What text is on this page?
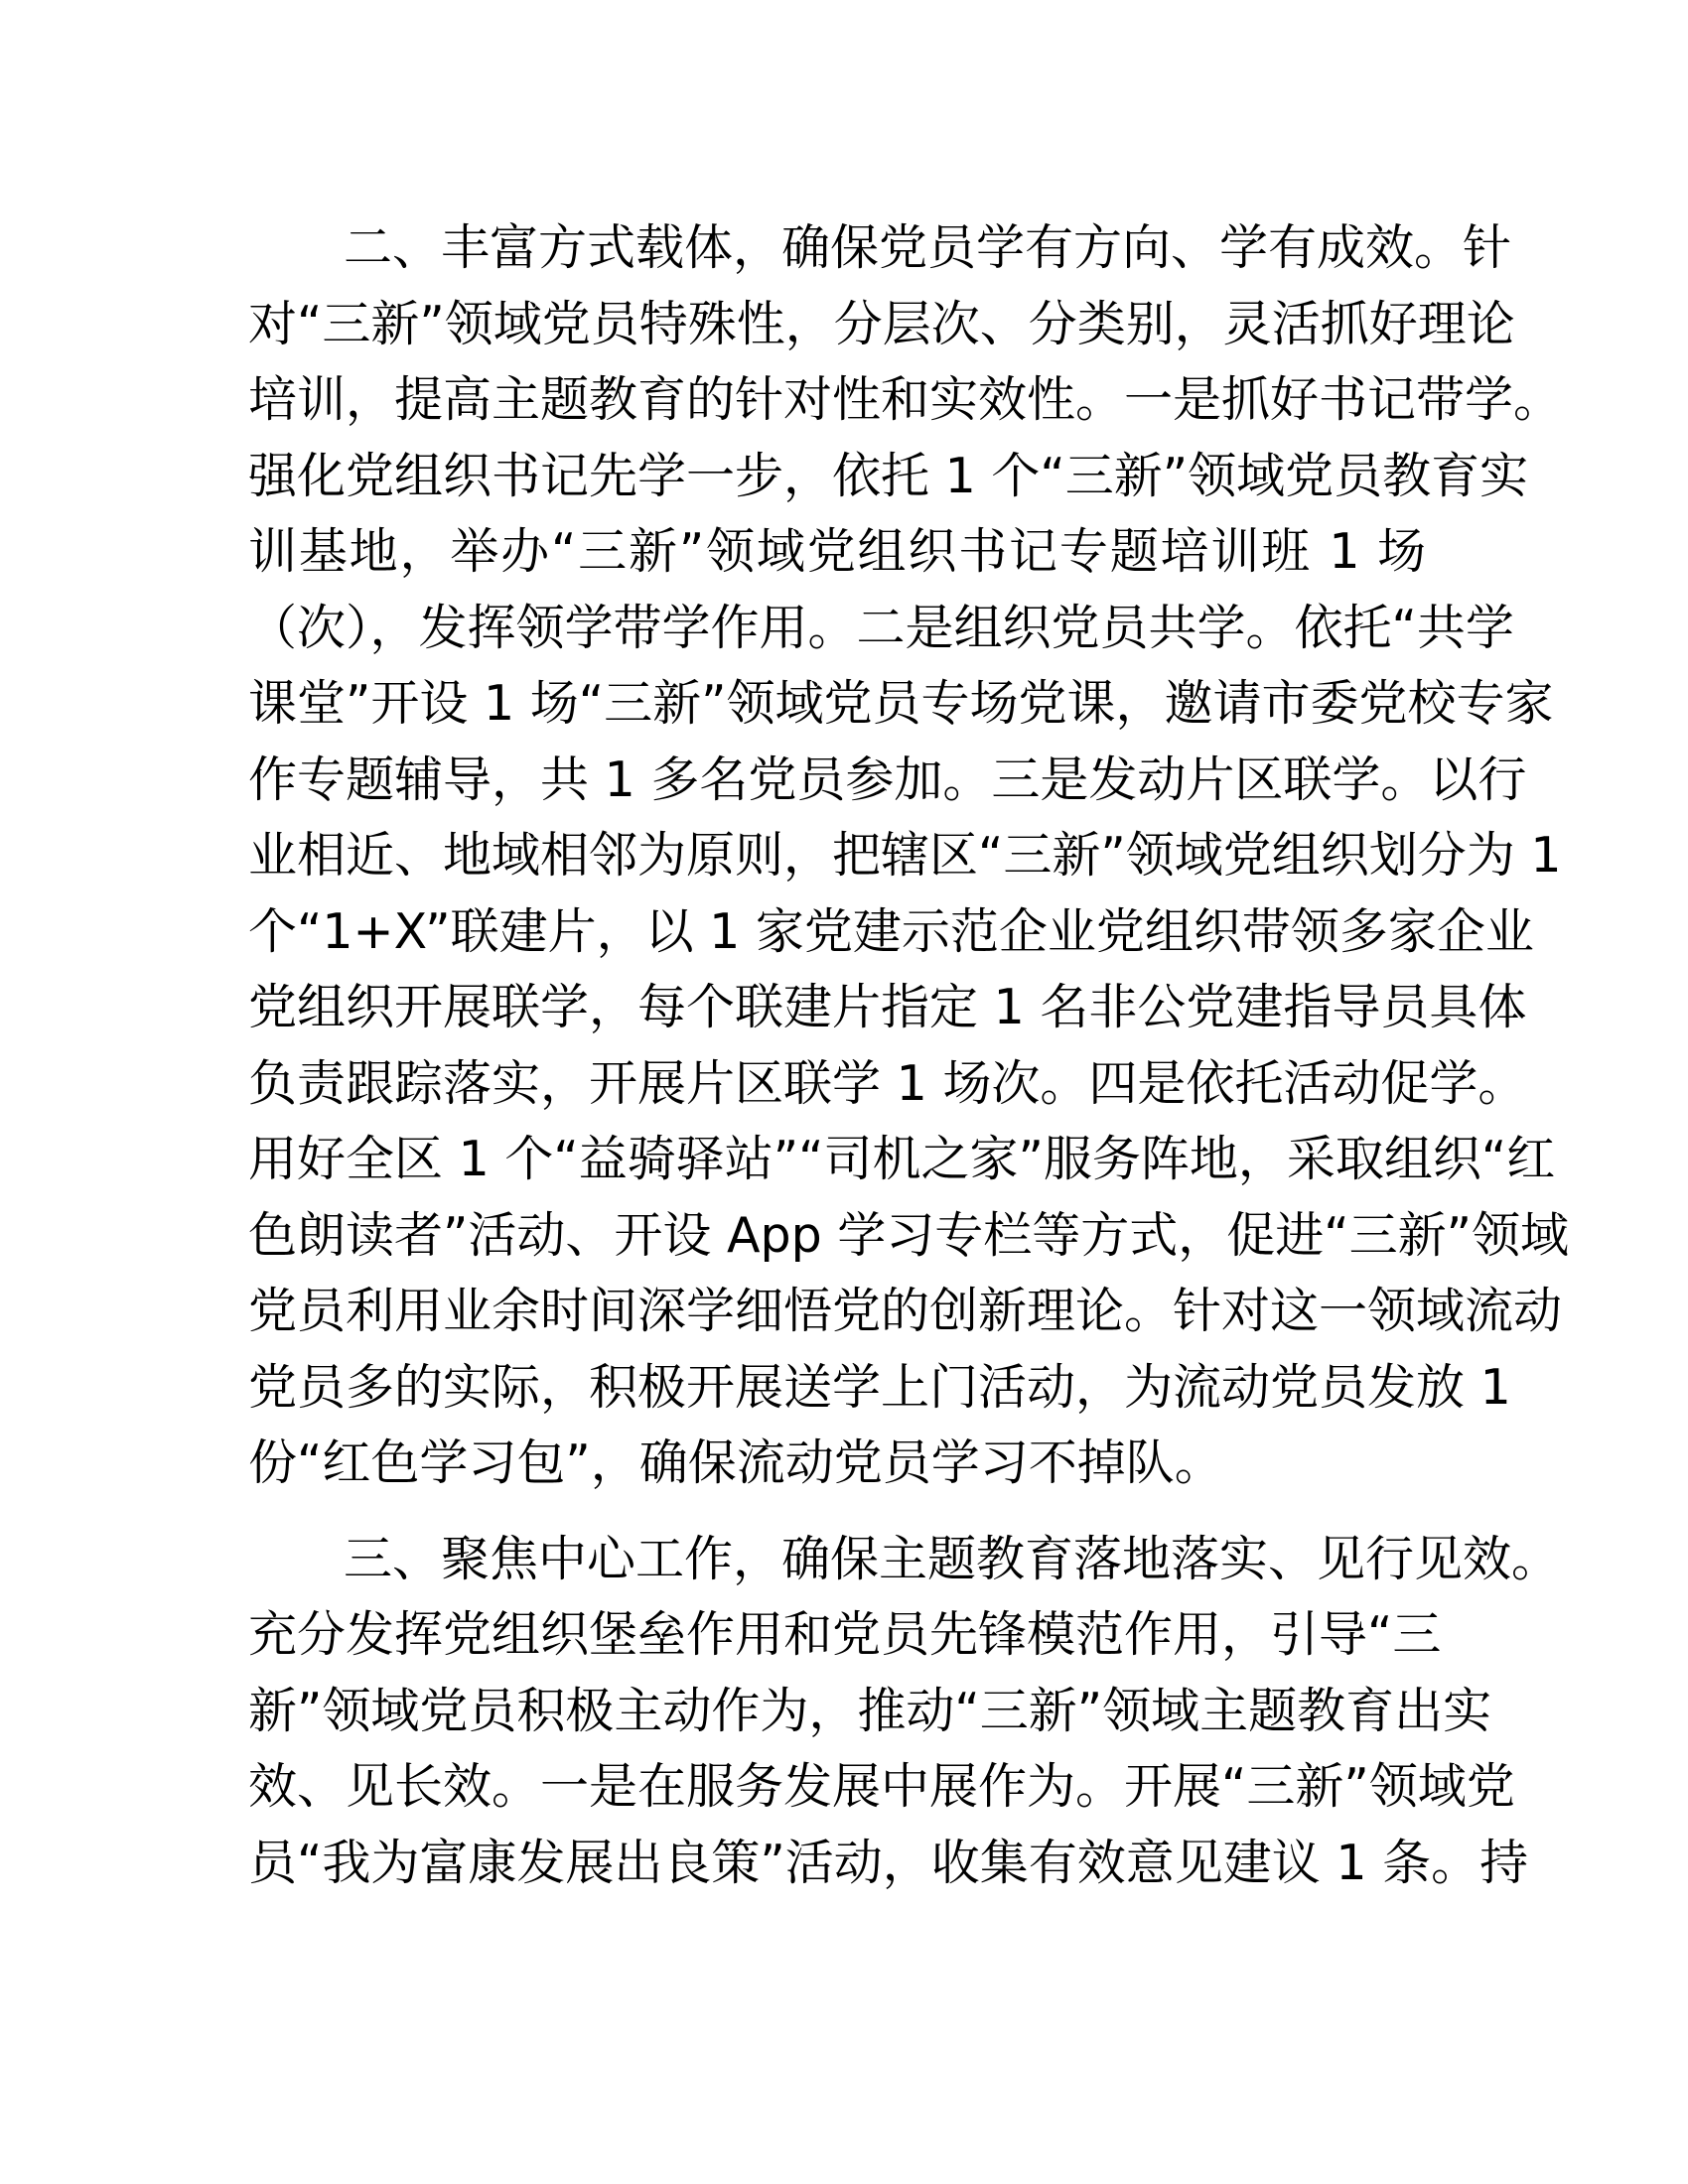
二、丰富方式载体，确保党员学有方向、学有成效。针
对“三新”领域党员特殊性，分层次、分类别，灵活抓好理论
培训，提高主题教育的针对性和实效性。一是抓好书记带学。
强化党组织书记先学一步，依托 1 个“三新”领域党员教育实
训基地，举办“三新”领域党组织书记专题培训班 1 场
（次），发挥领学带学作用。二是组织党员共学。依托“共学
课堂”开设 1 场“三新”领域党员专场党课，邀请市委党校专家
作专题辅导，共 1 多名党员参加。三是发动片区联学。以行
业相近、地域相邻为原则，把辖区“三新”领域党组织划分为 1
个“1+X”联建片，以 1 家党建示范企业党组织带领多家企业
党组织开展联学，每个联建片指定 1 名非公党建指导员具体
负责跟踪落实，开展片区联学 1 场次。四是依托活动促学。
用好全区 1 个“益骑驿站”“司机之家”服务阵地，采取组织“红
色朗读者”活动、开设 App 学习专栏等方式，促进“三新”领域
党员利用业余时间深学细悟党的创新理论。针对这一领域流动
党员多的实际，积极开展送学上门活动，为流动党员发放 1
份“红色学习包”，确保流动党员学习不掉队。
三、聚焦中心工作，确保主题教育落地落实、见行见效。
充分发挥党组织堡垒作用和党员先锋模范作用，引导“三
新”领域党员积极主动作为，推动“三新”领域主题教育出实
效、见长效。一是在服务发展中展作为。开展“三新”领域党
员“我为富康发展出良策”活动，收集有效意见建议 1 条。持
